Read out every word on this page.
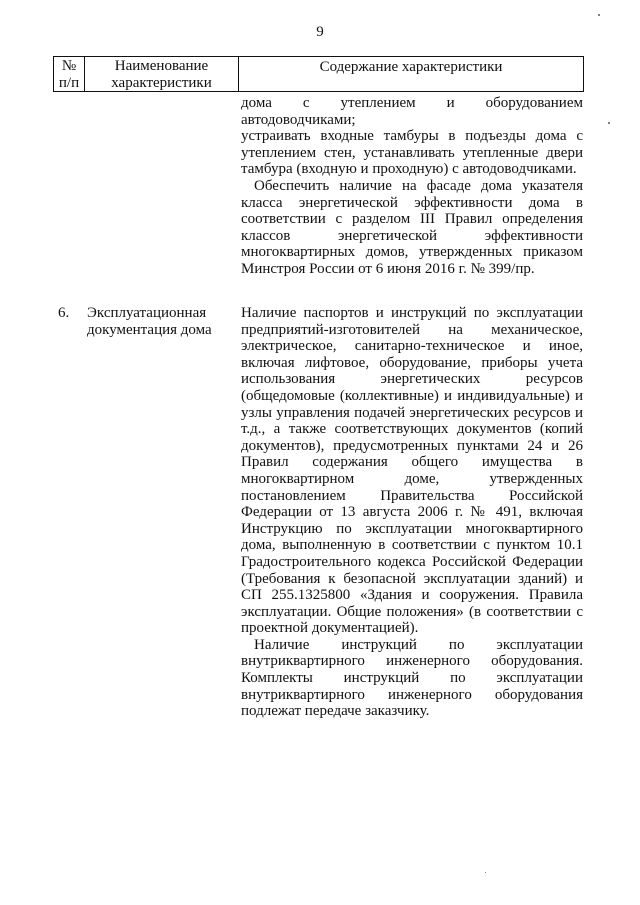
9
№ п/п
Наименование характеристики
Содержание характеристики

дома с утеплением и оборудованием автодоводчиками;

устраивать входные тамбуры в подъезды дома с утеплением стен, устанавливать утепленные двери тамбура (входную и проходную) с автодоводчиками.

Обеспечить наличие на фасаде дома указателя класса энергетической эффективности дома в соответствии с разделом III Правил определения классов энергетической эффективности многоквартирных домов, утвержденных приказом Минстроя России от 6 июня 2016 г. № 399/пр.

6. Эксплуатационная документация дома

Наличие паспортов и инструкций по эксплуатации предприятий-изготовителей на механическое, электрическое, санитарно-техническое и иное, включая лифтовое, оборудование, приборы учета использования энергетических ресурсов (общедомовые (коллективные) и индивидуальные) и узлы управления подачей энергетических ресурсов и т.д., а также соответствующих документов (копий документов), предусмотренных пунктами 24 и 26 Правил содержания общего имущества в многоквартирном доме, утвержденных постановлением Правительства Российской Федерации от 13 августа 2006 г. № 491, включая Инструкцию по эксплуатации многоквартирного дома, выполненную в соответствии с пунктом 10.1 Градостроительного кодекса Российской Федерации (Требования к безопасной эксплуатации зданий) и СП 255.1325800 «Здания и сооружения. Правила эксплуатации. Общие положения» (в соответствии с проектной документацией).

Наличие инструкций по эксплуатации внутриквартирного инженерного оборудования. Комплекты инструкций по эксплуатации внутриквартирного инженерного оборудования подлежат передаче заказчику.
